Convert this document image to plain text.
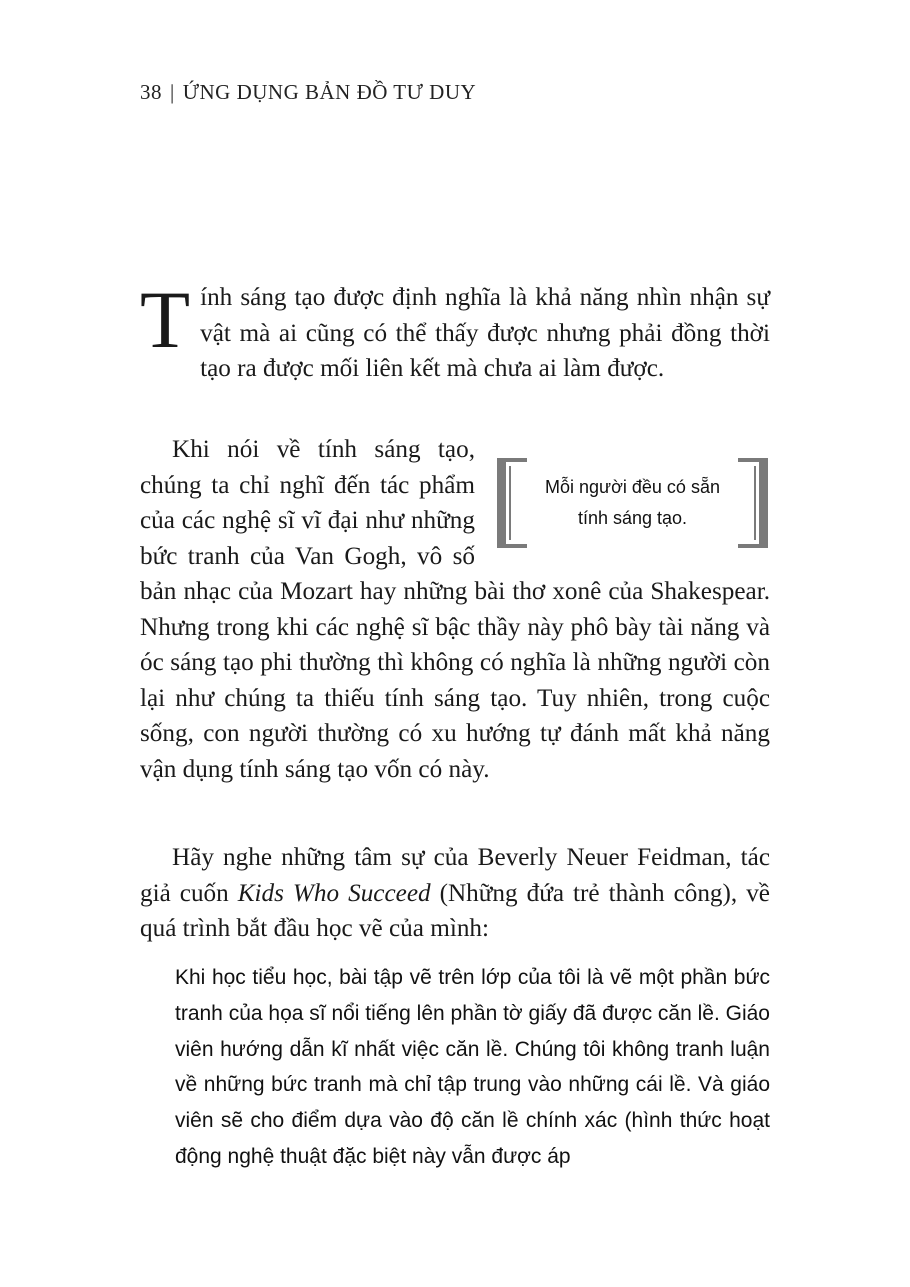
38 | ỨNG DỤNG BẢN ĐỒ TƯ DUY

Tính sáng tạo được định nghĩa là khả năng nhìn nhận sự vật mà ai cũng có thể thấy được nhưng phải đồng thời tạo ra được mối liên kết mà chưa ai làm được.

Mỗi người đều có sẵn tính sáng tạo.
Khi nói về tính sáng tạo, chúng ta chỉ nghĩ đến tác phẩm của các nghệ sĩ vĩ đại như những bức tranh của Van Gogh, vô số bản nhạc của Mozart hay những bài thơ xonê của Shakespear. Nhưng trong khi các nghệ sĩ bậc thầy này phô bày tài năng và óc sáng tạo phi thường thì không có nghĩa là những người còn lại như chúng ta thiếu tính sáng tạo. Tuy nhiên, trong cuộc sống, con người thường có xu hướng tự đánh mất khả năng vận dụng tính sáng tạo vốn có này.

Hãy nghe những tâm sự của Beverly Neuer Feidman, tác giả cuốn Kids Who Succeed (Những đứa trẻ thành công), về quá trình bắt đầu học vẽ của mình:

Khi học tiểu học, bài tập vẽ trên lớp của tôi là vẽ một phần bức tranh của họa sĩ nổi tiếng lên phần tờ giấy đã được căn lề. Giáo viên hướng dẫn kĩ nhất việc căn lề. Chúng tôi không tranh luận về những bức tranh mà chỉ tập trung vào những cái lề. Và giáo viên sẽ cho điểm dựa vào độ căn lề chính xác (hình thức hoạt động nghệ thuật đặc biệt này vẫn được áp
